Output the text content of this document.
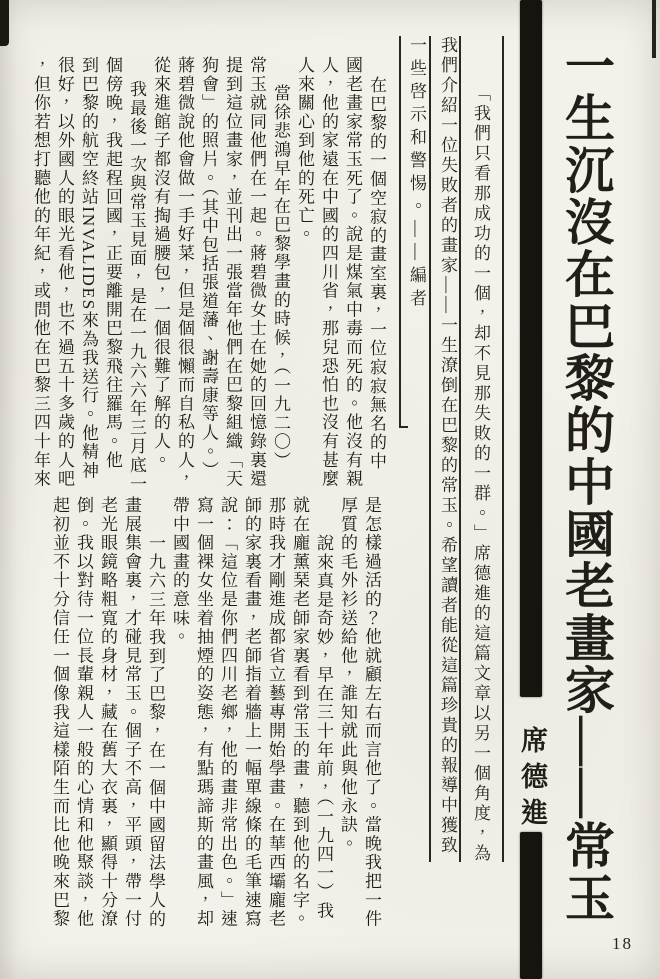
一生沉沒在巴黎的中國老畫家——常玉
席德進
「我們只看那成功的一個，却不見那失敗的一群。」席德進的這篇文章以另一個角度，為
我們介紹一位失敗者的畫家——一生潦倒在巴黎的常玉。希望讀者能從這篇珍貴的報導中獲致
一些啓示和警惕。——編者
在巴黎的一個空寂的畫室裏，一位寂寂無名的中
國老畫家常玉死了。說是煤氣中毒而死的。他沒有親
人，他的家遠在中國的四川省，那兒恐怕也沒有甚麼
人來關心到他的死亡。
當徐悲鴻早年在巴黎學畫的時候，（一九二〇）
常玉就同他們在一起。蔣碧微女士在她的回憶錄裏還
提到這位畫家，並刊出一張當年他們在巴黎組織「天
狗會」的照片。（其中包括張道藩、謝壽康等人。）
蔣碧微說他會做一手好菜，但是個很懶而自私的人，
從來進館子都沒有掏過腰包，一個很難了解的人。
我最後一次與常玉見面，是在一九六六年三月底一
個傍晚，我起程回國，正要離開巴黎飛往羅馬。他
到巴黎的航空終站INVALIDES來為我送行。他精神
很好，以外國人的眼光看他，也不過五十多歲的人吧
，但你若想打聽他的年紀，或問他在巴黎三四十年來
是怎樣過活的？他就顧左右而言他了。當晚我把一件
厚質的毛外衫送給他，誰知就此與他永訣。
說來真是奇妙，早在三十年前，（一九四一）我
就在龐薰琹老師家裏看到常玉的畫，聽到他的名字。
那時我才剛進成都省立藝專開始學畫。在華西壩龐老
師的家裏看畫，老師指着牆上一幅單線條的毛筆速寫
說：「這位是你們四川老鄉，他的畫非常出色。」速
寫一個裸女坐着抽煙的姿態，有點瑪諦斯的畫風，却
帶中國畫的意味。
一九六三年我到了巴黎，在一個中國留法學人的
畫展集會裏，才碰見常玉。個子不高，平頭，帶一付
老光眼鏡略粗寬的身材，藏在舊大衣裏，顯得十分潦
倒。我以對待一位長輩親人一般的心情和他聚談，他
起初並不十分信任一個像我這樣陌生而比他晚來巴黎
18
